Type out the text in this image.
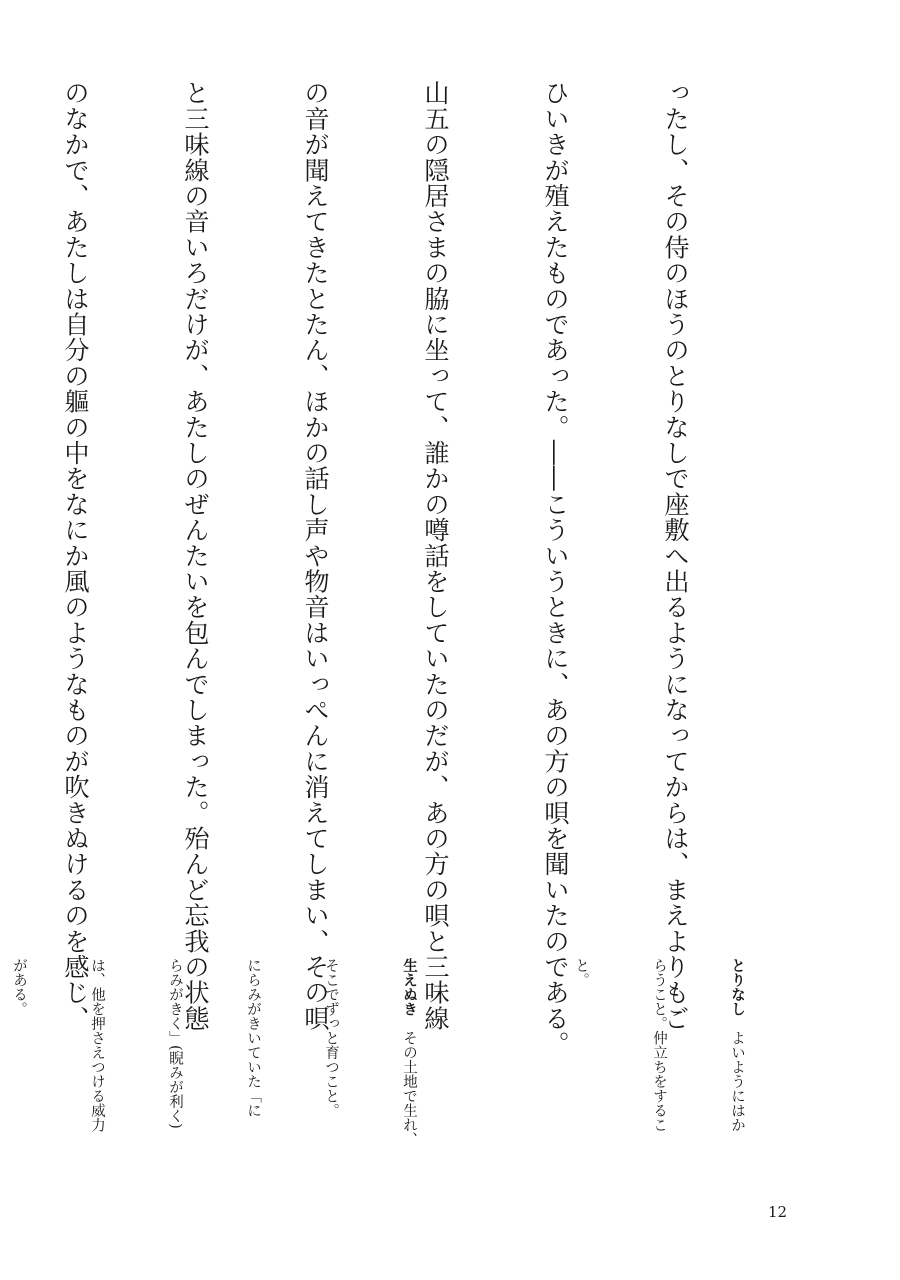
ったし、その侍のほうのとりなしで座敷へ出るようになってからは、まえよりもご

ひいきが殖えたものであった。――こういうときに、あの方の唄を聞いたのである。

山五の隠居さまの脇に坐って、誰かの噂話をしていたのだが、あの方の唄と三味線

の音が聞えてきたとたん、ほかの話し声や物音はいっぺんに消えてしまい、その唄

と三味線の音いろだけが、あたしのぜんたいを包んでしまった。殆んど忘我の状態

のなかで、あたしは自分の軀の中をなにか風のようなものが吹きぬけるのを感じ、

	とりなし　よいようにはか

らうこと。仲立ちをするこ

と。

生えぬき　その土地で生れ、

そこでずっと育つこと。

にらみがきいていた「に

らみがきく」(睨みが利く)

は、他を押さえつける威力

がある。

12
